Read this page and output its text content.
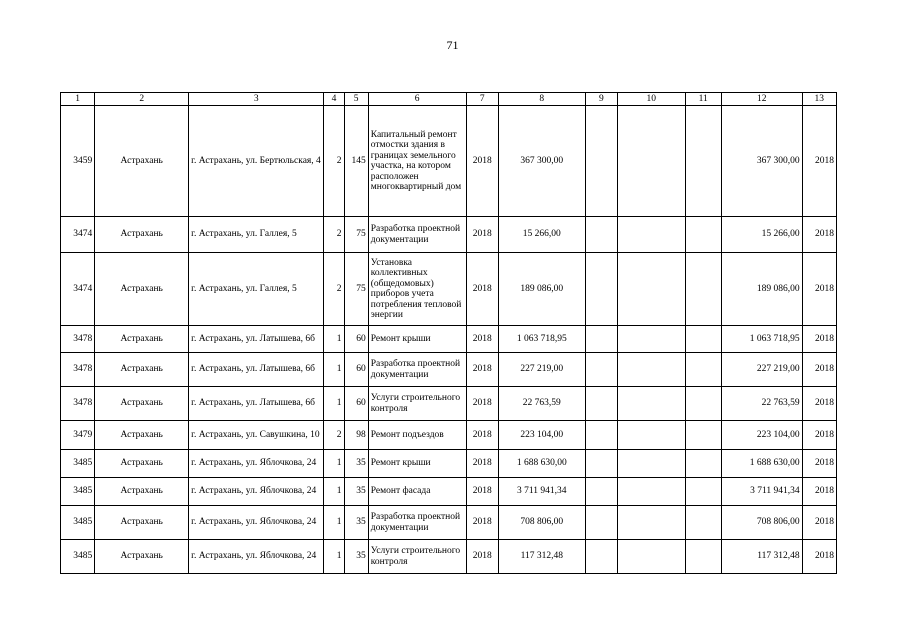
71
1	2	3	4	5	6	7	8	9	10	11	12	13
3459	Астрахань	г. Астрахань, ул. Бертюльская, 4	2	145	Капитальный ремонт отмостки здания в границах земельного участка, на котором расположен многоквартирный дом	2018	367 300,00				367 300,00	2018
3474	Астрахань	г. Астрахань, ул. Галлея, 5	2	75	Разработка проектной документации	2018	15 266,00				15 266,00	2018
3474	Астрахань	г. Астрахань, ул. Галлея, 5	2	75	Установка коллективных (общедомовых) приборов учета потребления тепловой энергии	2018	189 086,00				189 086,00	2018
3478	Астрахань	г. Астрахань, ул. Латышева, 6б	1	60	Ремонт крыши	2018	1 063 718,95				1 063 718,95	2018
3478	Астрахань	г. Астрахань, ул. Латышева, 6б	1	60	Разработка проектной документации	2018	227 219,00				227 219,00	2018
3478	Астрахань	г. Астрахань, ул. Латышева, 6б	1	60	Услуги строительного контроля	2018	22 763,59				22 763,59	2018
3479	Астрахань	г. Астрахань, ул. Савушкина, 10	2	98	Ремонт подъездов	2018	223 104,00				223 104,00	2018
3485	Астрахань	г. Астрахань, ул. Яблочкова, 24	1	35	Ремонт крыши	2018	1 688 630,00				1 688 630,00	2018
3485	Астрахань	г. Астрахань, ул. Яблочкова, 24	1	35	Ремонт фасада	2018	3 711 941,34				3 711 941,34	2018
3485	Астрахань	г. Астрахань, ул. Яблочкова, 24	1	35	Разработка проектной документации	2018	708 806,00				708 806,00	2018
3485	Астрахань	г. Астрахань, ул. Яблочкова, 24	1	35	Услуги строительного контроля	2018	117 312,48				117 312,48	2018
